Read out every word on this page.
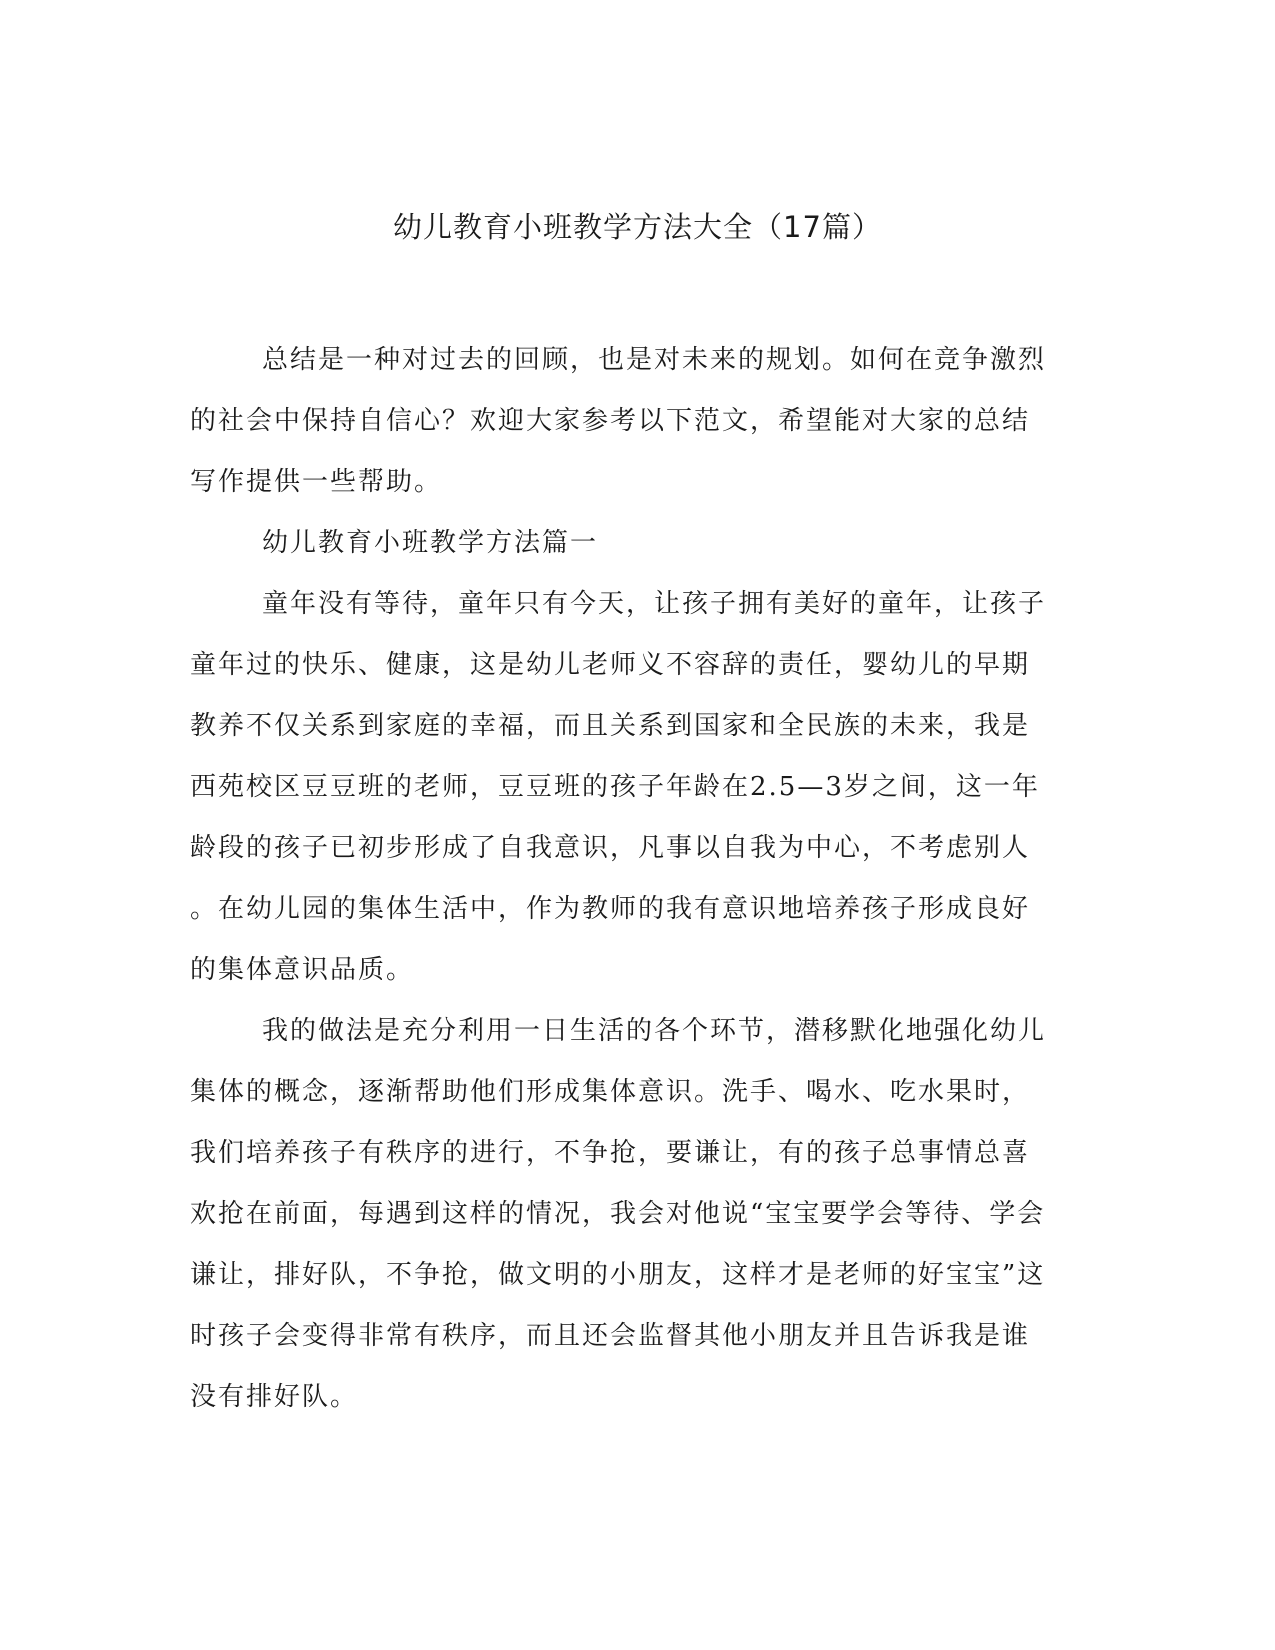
幼儿教育小班教学方法大全（17篇）
总结是一种对过去的回顾，也是对未来的规划。如何在竞争激烈
的社会中保持自信心？欢迎大家参考以下范文，希望能对大家的总结
写作提供一些帮助。
幼儿教育小班教学方法篇一
童年没有等待，童年只有今天，让孩子拥有美好的童年，让孩子
童年过的快乐、健康，这是幼儿老师义不容辞的责任，婴幼儿的早期
教养不仅关系到家庭的幸福，而且关系到国家和全民族的未来，我是
西苑校区豆豆班的老师，豆豆班的孩子年龄在2.5—3岁之间，这一年
龄段的孩子已初步形成了自我意识，凡事以自我为中心，不考虑别人
。在幼儿园的集体生活中，作为教师的我有意识地培养孩子形成良好
的集体意识品质。
我的做法是充分利用一日生活的各个环节，潜移默化地强化幼儿
集体的概念，逐渐帮助他们形成集体意识。洗手、喝水、吃水果时，
我们培养孩子有秩序的进行，不争抢，要谦让，有的孩子总事情总喜
欢抢在前面，每遇到这样的情况，我会对他说“宝宝要学会等待、学会
谦让，排好队，不争抢，做文明的小朋友，这样才是老师的好宝宝”这
时孩子会变得非常有秩序，而且还会监督其他小朋友并且告诉我是谁
没有排好队。
